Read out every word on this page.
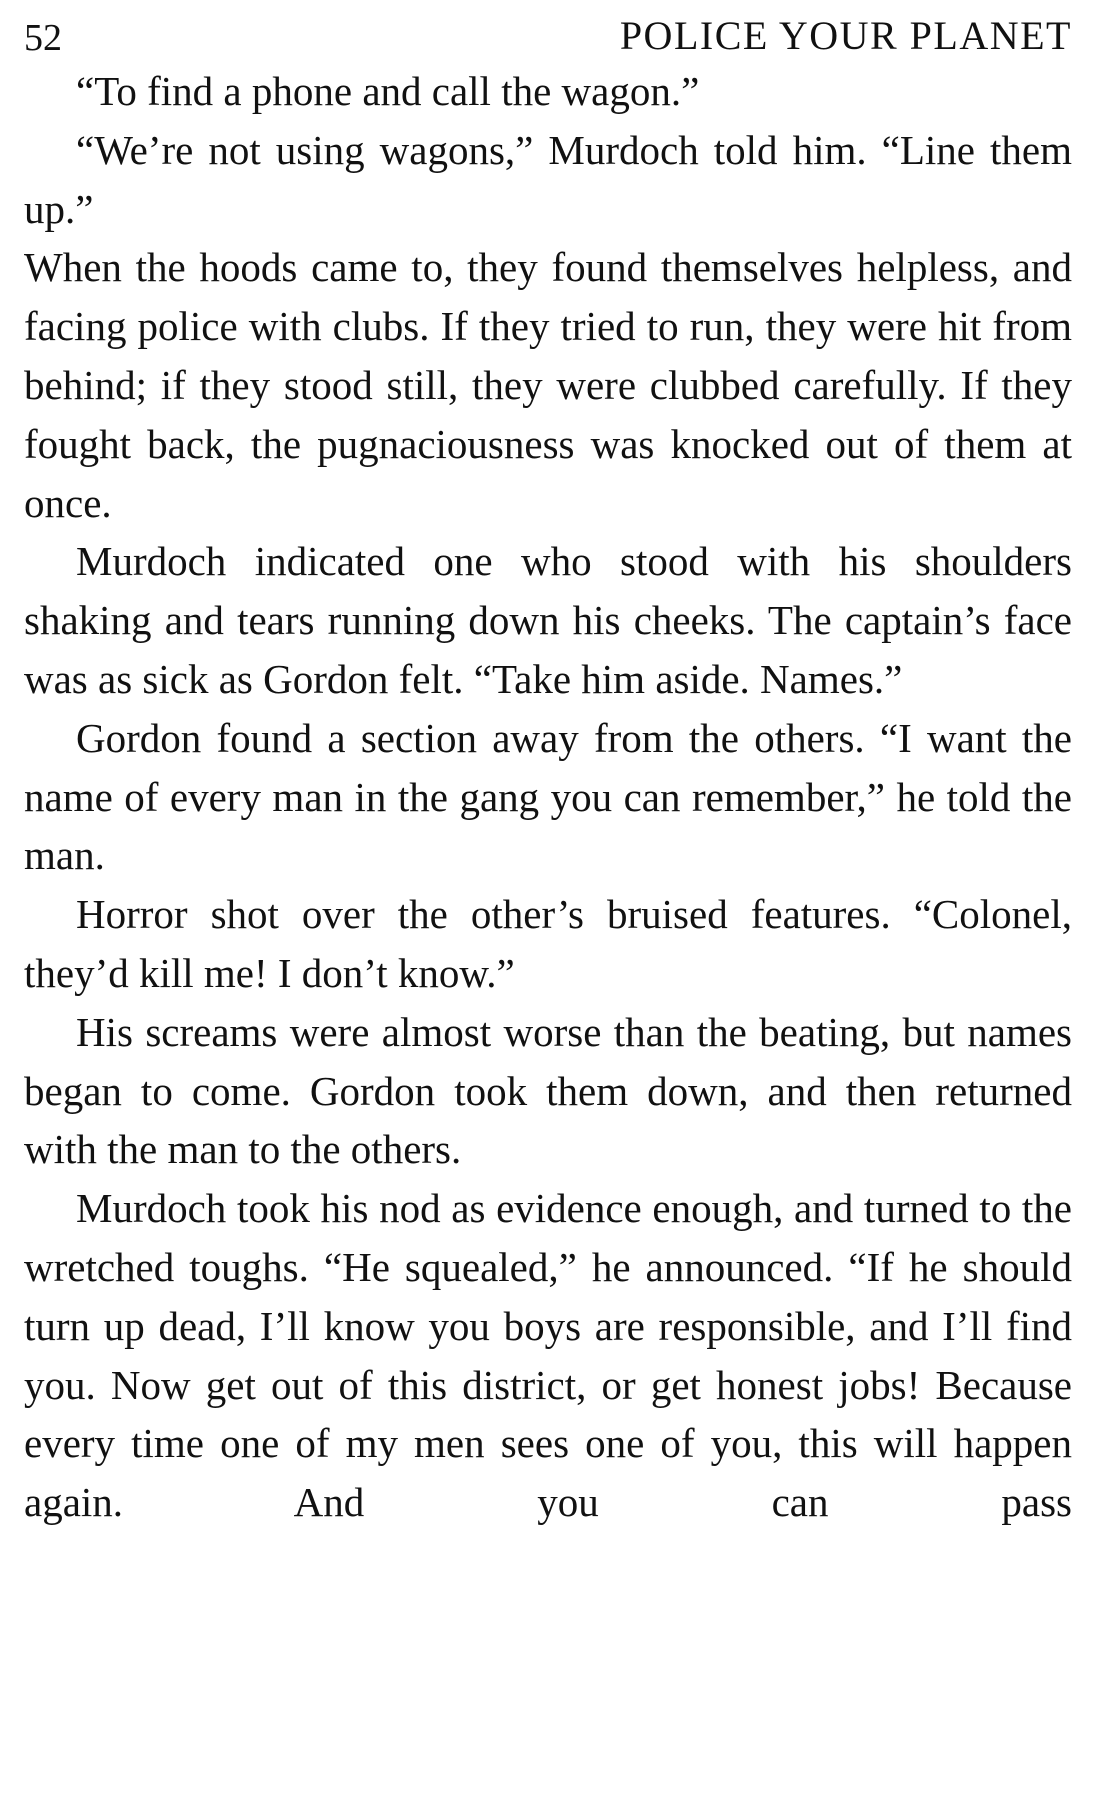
52	POLICE YOUR PLANET

“To find a phone and call the wagon.”

“We’re not using wagons,” Murdoch told him. “Line them up.”

When the hoods came to, they found themselves helpless, and facing police with clubs. If they tried to run, they were hit from behind; if they stood still, they were clubbed carefully. If they fought back, the pugnaciousness was knocked out of them at once.

Murdoch indicated one who stood with his shoulders shaking and tears running down his cheeks. The captain’s face was as sick as Gordon felt. “Take him aside. Names.”

Gordon found a section away from the others. “I want the name of every man in the gang you can remember,” he told the man.

Horror shot over the other’s bruised features. “Colonel, they’d kill me! I don’t know.”

His screams were almost worse than the beating, but names began to come. Gordon took them down, and then returned with the man to the others.

Murdoch took his nod as evidence enough, and turned to the wretched toughs. “He squealed,” he announced. “If he should turn up dead, I’ll know you boys are responsible, and I’ll find you. Now get out of this district, or get honest jobs! Because every time one of my men sees one of you, this will happen again. And you can pass
